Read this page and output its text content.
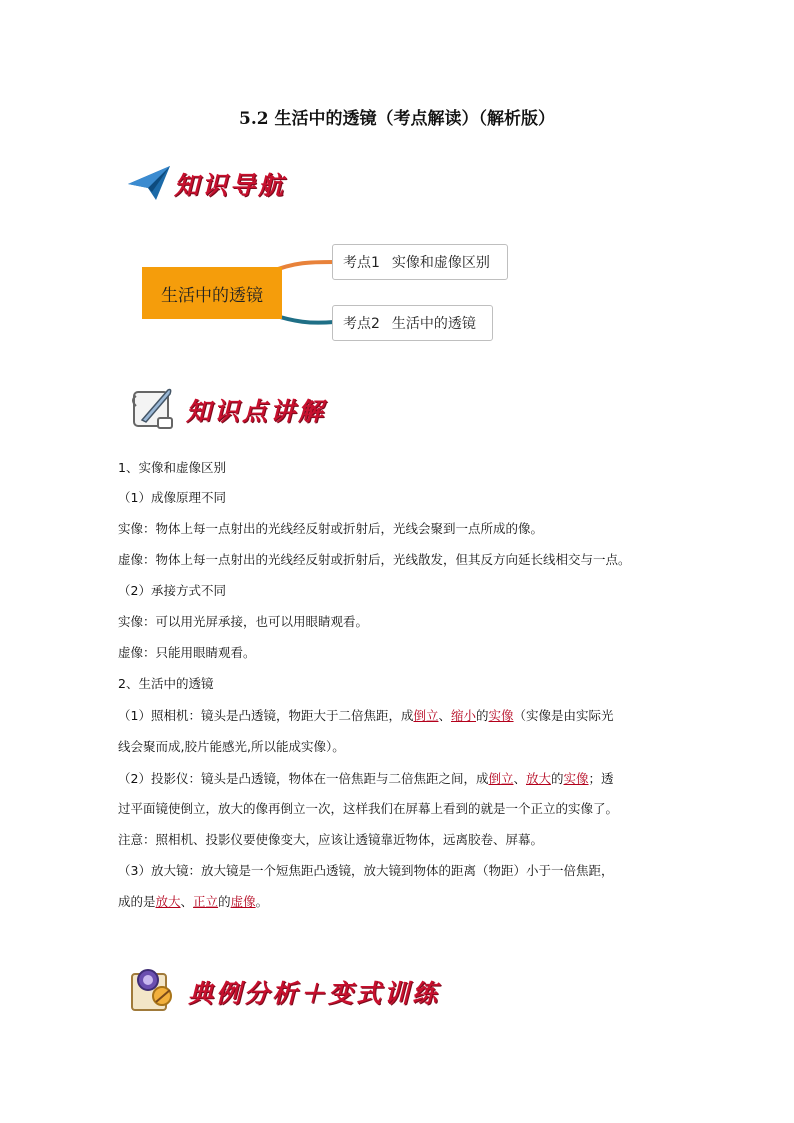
5.2 生活中的透镜（考点解读）（解析版）
知识导航
生活中的透镜
考点1 实像和虚像区别
考点2 生活中的透镜
知识点讲解
1、实像和虚像区别
（1）成像原理不同
实像：物体上每一点射出的光线经反射或折射后，光线会聚到一点所成的像。
虚像：物体上每一点射出的光线经反射或折射后，光线散发，但其反方向延长线相交与一点。
（2）承接方式不同
实像：可以用光屏承接，也可以用眼睛观看。
虚像：只能用眼睛观看。
2、生活中的透镜
（1）照相机：镜头是凸透镜，物距大于二倍焦距，成倒立、缩小的实像（实像是由实际光
线会聚而成,胶片能感光,所以能成实像）。
（2）投影仪：镜头是凸透镜，物体在一倍焦距与二倍焦距之间，成倒立、放大的实像；透
过平面镜使倒立，放大的像再倒立一次，这样我们在屏幕上看到的就是一个正立的实像了。
注意：照相机、投影仪要使像变大，应该让透镜靠近物体，远离胶卷、屏幕。
（3）放大镜：放大镜是一个短焦距凸透镜，放大镜到物体的距离（物距）小于一倍焦距，
成的是放大、正立的虚像。
典例分析＋变式训练
